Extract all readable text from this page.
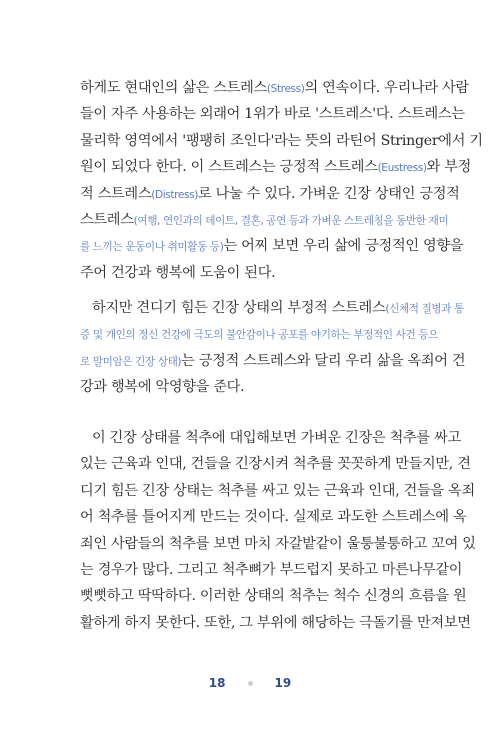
하게도 현대인의 삶은 스트레스(Stress)의 연속이다. 우리나라 사람
들이 자주 사용하는 외래어 1위가 바로 '스트레스'다. 스트레스는
물리학 영역에서 '팽팽히 조인다'라는 뜻의 라틴어 Stringer에서 기
원이 되었다 한다. 이 스트레스는 긍정적 스트레스(Eustress)와 부정
적 스트레스(Distress)로 나눌 수 있다. 가벼운 긴장 상태인 긍정적
스트레스(여행, 연인과의 데이트, 결혼, 공연 등과 가벼운 스트레칭을 동반한 재미
를 느끼는 운동이나 취미활동 등)는 어찌 보면 우리 삶에 긍정적인 영향을
주어 건강과 행복에 도움이 된다.
하지만 견디기 힘든 긴장 상태의 부정적 스트레스(신체적 질병과 통
증 및 개인의 정신 건강에 극도의 불안감이나 공포를 야기하는 부정적인 사건 등으
로 말미암은 긴장 상태)는 긍정적 스트레스와 달리 우리 삶을 옥죄어 건
강과 행복에 악영향을 준다.
이 긴장 상태를 척추에 대입해보면 가벼운 긴장은 척추를 싸고
있는 근육과 인대, 건들을 긴장시켜 척추를 꼿꼿하게 만들지만, 견
디기 힘든 긴장 상태는 척추를 싸고 있는 근육과 인대, 건들을 옥죄
어 척추를 틀어지게 만드는 것이다. 실제로 과도한 스트레스에 옥
죄인 사람들의 척추를 보면 마치 자갈밭같이 울퉁불퉁하고 꼬여 있
는 경우가 많다. 그리고 척추뼈가 부드럽지 못하고 마른나무같이
뻣뻣하고 딱딱하다. 이러한 상태의 척추는 척수 신경의 흐름을 원
활하게 하지 못한다. 또한, 그 부위에 해당하는 극돌기를 만져보면
18	19
